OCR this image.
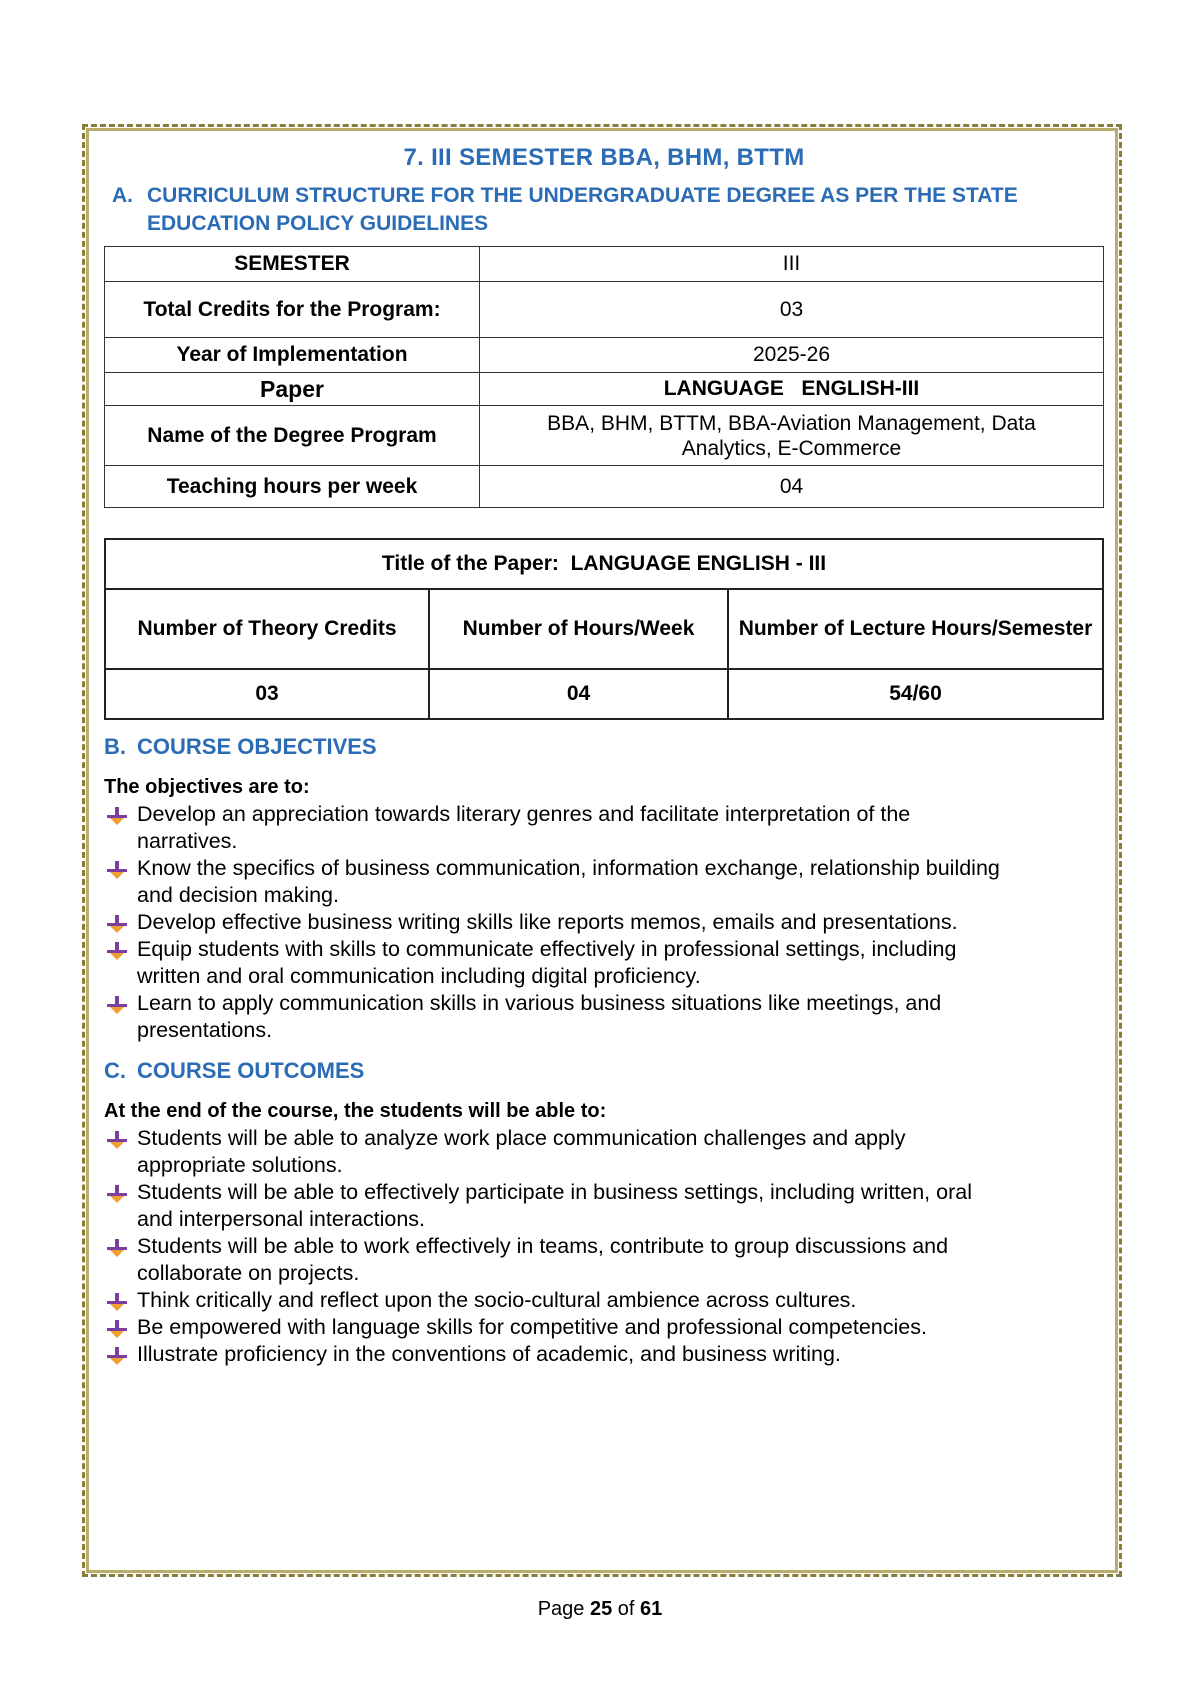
7. III SEMESTER BBA, BHM, BTTM
A. CURRICULUM STRUCTURE FOR THE UNDERGRADUATE DEGREE AS PER THE STATE
EDUCATION POLICY GUIDELINES
SEMESTER	III
Total Credits for the Program:	03
Year of Implementation	2025-26
Paper	LANGUAGE   ENGLISH-III
Name of the Degree Program	BBA, BHM, BTTM, BBA-Aviation Management, Data
Analytics, E-Commerce
Teaching hours per week	04
Title of the Paper:  LANGUAGE ENGLISH - III		
Number of Theory Credits	Number of Hours/Week	Number of Lecture Hours/Semester
03	04	54/60
B. COURSE OBJECTIVES
The objectives are to:
Develop an appreciation towards literary genres and facilitate interpretation of the
narratives.
Know the specifics of business communication, information exchange, relationship building
and decision making.
Develop effective business writing skills like reports memos, emails and presentations.
Equip students with skills to communicate effectively in professional settings, including
written and oral communication including digital proficiency.
Learn to apply communication skills in various business situations like meetings, and
presentations.
C. COURSE OUTCOMES
At the end of the course, the students will be able to:
Students will be able to analyze work place communication challenges and apply
appropriate solutions.
Students will be able to effectively participate in business settings, including written, oral
and interpersonal interactions.
Students will be able to work effectively in teams, contribute to group discussions and
collaborate on projects.
Think critically and reflect upon the socio-cultural ambience across cultures.
Be empowered with language skills for competitive and professional competencies.
Illustrate proficiency in the conventions of academic, and business writing.
Page 25 of 61
